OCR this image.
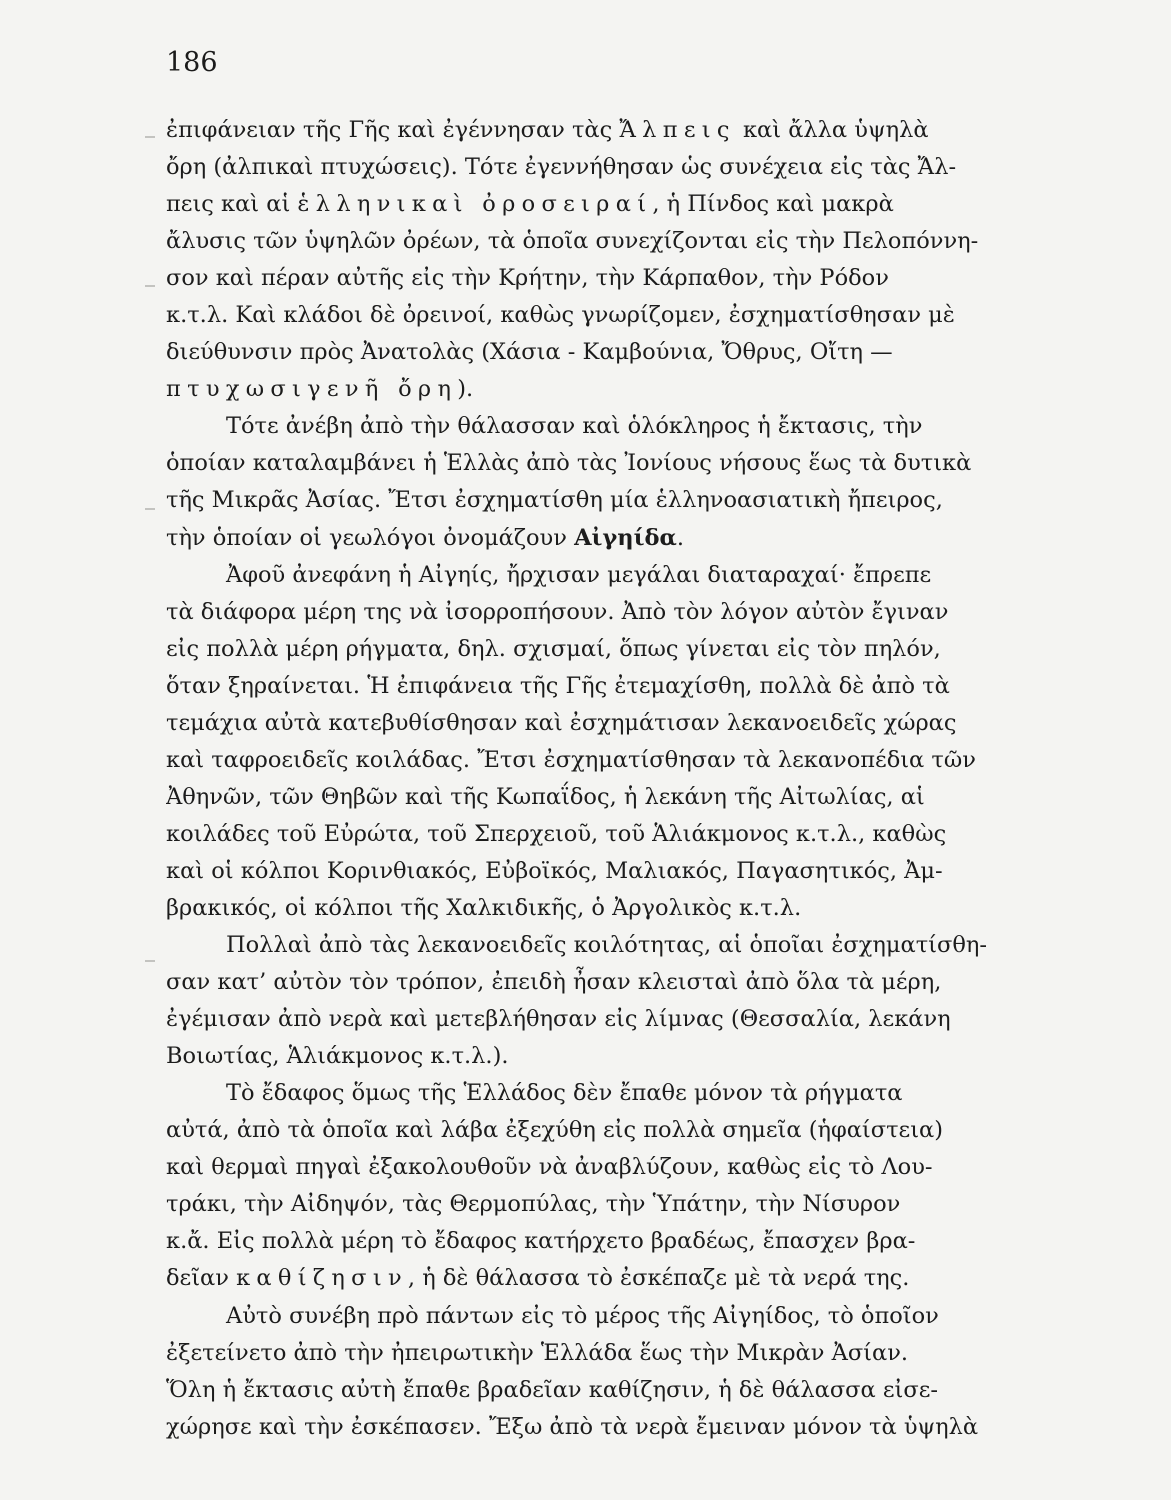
186

ἐπιφάνειαν τῆς Γῆς καὶ ἐγέννησαν τὰς Ἄλπεις καὶ ἄλλα ὑψηλὰ
ὄρη (ἀλπικαὶ πτυχώσεις). Τότε ἐγεννήθησαν ὡς συνέχεια εἰς τὰς Ἄλ-
πεις καὶ αἱ ἑλληνικαὶ ὀροσειραί, ἡ Πίνδος καὶ μακρὰ
ἄλυσις τῶν ὑψηλῶν ὀρέων, τὰ ὁποῖα συνεχίζονται εἰς τὴν Πελοπόννη-
σον καὶ πέραν αὐτῆς εἰς τὴν Κρήτην, τὴν Κάρπαθον, τὴν Ρόδον
κ.τ.λ. Καὶ κλάδοι δὲ ὀρεινοί, καθὼς γνωρίζομεν, ἐσχηματίσθησαν μὲ
διεύθυνσιν πρὸς Ἀνατολὰς (Χάσια - Καμβούνια, Ὄθρυς, Οἴτη —
πτυχωσιγενῆ ὄρη).
Τότε ἀνέβη ἀπὸ τὴν θάλασσαν καὶ ὁλόκληρος ἡ ἔκτασις, τὴν
ὁποίαν καταλαμβάνει ἡ Ἑλλὰς ἀπὸ τὰς Ἰονίους νήσους ἕως τὰ δυτικὰ
τῆς Μικρᾶς Ἀσίας. Ἔτσι ἐσχηματίσθη μία ἑλληνοασιατικὴ ἤπειρος,
τὴν ὁποίαν οἱ γεωλόγοι ὀνομάζουν Αἰγηίδα.
Ἀφοῦ ἀνεφάνη ἡ Αἰγηίς, ἤρχισαν μεγάλαι διαταραχαί· ἔπρεπε
τὰ διάφορα μέρη της νὰ ἰσορροπήσουν. Ἀπὸ τὸν λόγον αὐτὸν ἔγιναν
εἰς πολλὰ μέρη ρήγματα, δηλ. σχισμαί, ὅπως γίνεται εἰς τὸν πηλόν,
ὅταν ξηραίνεται. Ἡ ἐπιφάνεια τῆς Γῆς ἐτεμαχίσθη, πολλὰ δὲ ἀπὸ τὰ
τεμάχια αὐτὰ κατεβυθίσθησαν καὶ ἐσχημάτισαν λεκανοειδεῖς χώρας
καὶ ταφροειδεῖς κοιλάδας. Ἔτσι ἐσχηματίσθησαν τὰ λεκανοπέδια τῶν
Ἀθηνῶν, τῶν Θηβῶν καὶ τῆς Κωπαΐδος, ἡ λεκάνη τῆς Αἰτωλίας, αἱ
κοιλάδες τοῦ Εὐρώτα, τοῦ Σπερχειοῦ, τοῦ Ἁλιάκμονος κ.τ.λ., καθὼς
καὶ οἱ κόλποι Κορινθιακός, Εὐβοϊκός, Μαλιακός, Παγασητικός, Ἀμ-
βρακικός, οἱ κόλποι τῆς Χαλκιδικῆς, ὁ Ἀργολικὸς κ.τ.λ.
Πολλαὶ ἀπὸ τὰς λεκανοειδεῖς κοιλότητας, αἱ ὁποῖαι ἐσχηματίσθη-
σαν κατ’ αὐτὸν τὸν τρόπον, ἐπειδὴ ἦσαν κλεισταὶ ἀπὸ ὅλα τὰ μέρη,
ἐγέμισαν ἀπὸ νερὰ καὶ μετεβλήθησαν εἰς λίμνας (Θεσσαλία, λεκάνη
Βοιωτίας, Ἁλιάκμονος κ.τ.λ.).
Τὸ ἔδαφος ὅμως τῆς Ἑλλάδος δὲν ἔπαθε μόνον τὰ ρήγματα
αὐτά, ἀπὸ τὰ ὁποῖα καὶ λάβα ἐξεχύθη εἰς πολλὰ σημεῖα (ἡφαίστεια)
καὶ θερμαὶ πηγαὶ ἐξακολουθοῦν νὰ ἀναβλύζουν, καθὼς εἰς τὸ Λου-
τράκι, τὴν Αἰδηψόν, τὰς Θερμοπύλας, τὴν Ὑπάτην, τὴν Νίσυρον
κ.ἄ. Εἰς πολλὰ μέρη τὸ ἔδαφος κατήρχετο βραδέως, ἔπασχεν βρα-
δεῖαν καθίζησιν, ἡ δὲ θάλασσα τὸ ἐσκέπαζε μὲ τὰ νερά της.
Αὐτὸ συνέβη πρὸ πάντων εἰς τὸ μέρος τῆς Αἰγηίδος, τὸ ὁποῖον
ἐξετείνετο ἀπὸ τὴν ἠπειρωτικὴν Ἑλλάδα ἕως τὴν Μικρὰν Ἀσίαν.
Ὅλη ἡ ἔκτασις αὐτὴ ἔπαθε βραδεῖαν καθίζησιν, ἡ δὲ θάλασσα εἰσε-
χώρησε καὶ τὴν ἐσκέπασεν. Ἔξω ἀπὸ τὰ νερὰ ἔμειναν μόνον τὰ ὑψηλὰ
